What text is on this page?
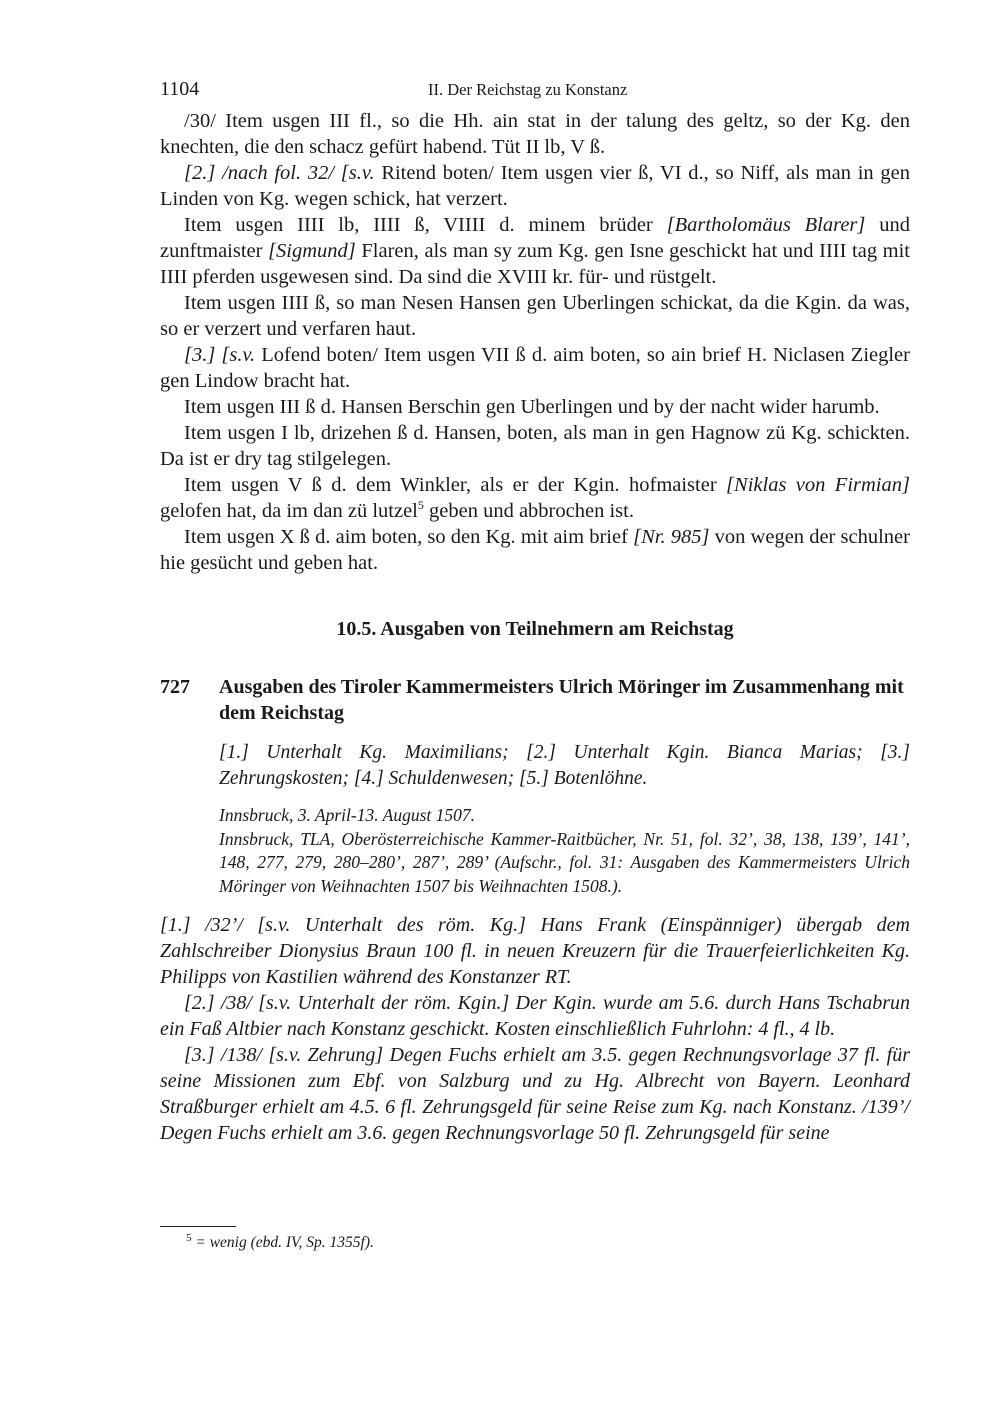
1104	II. Der Reichstag zu Konstanz

/30/ Item usgen III fl., so die Hh. ain stat in der talung des geltz, so der Kg. den knechten, die den schacz gefürt habend. Tüt II lb, V ß.

[2.] /nach fol. 32/ [s.v. Ritend boten/ Item usgen vier ß, VI d., so Niff, als man in gen Linden von Kg. wegen schick, hat verzert.

Item usgen IIII lb, IIII ß, VIIII d. minem brüder [Bartholomäus Blarer] und zunftmaister [Sigmund] Flaren, als man sy zum Kg. gen Isne geschickt hat und IIII tag mit IIII pferden usgewesen sind. Da sind die XVIII kr. für- und rüstgelt.

Item usgen IIII ß, so man Nesen Hansen gen Uberlingen schickat, da die Kgin. da was, so er verzert und verfaren haut.

[3.] [s.v. Lofend boten/ Item usgen VII ß d. aim boten, so ain brief H. Niclasen Ziegler gen Lindow bracht hat.

Item usgen III ß d. Hansen Berschin gen Uberlingen und by der nacht wider harumb.

Item usgen I lb, drizehen ß d. Hansen, boten, als man in gen Hagnow zü Kg. schickten. Da ist er dry tag stilgelegen.

Item usgen V ß d. dem Winkler, als er der Kgin. hofmaister [Niklas von Firmian] gelofen hat, da im dan zü lutzel$^5$ geben und abbrochen ist.

Item usgen X ß d. aim boten, so den Kg. mit aim brief [Nr. 985] von wegen der schulner hie gesücht und geben hat.

10.5. Ausgaben von Teilnehmern am Reichstag
727 Ausgaben des Tiroler Kammermeisters Ulrich Möringer im Zusammenhang mit dem Reichstag
[1.] Unterhalt Kg. Maximilians; [2.] Unterhalt Kgin. Bianca Marias; [3.] Zehrungskosten; [4.] Schuldenwesen; [5.] Botenlöhne.
Innsbruck, 3. April-13. August 1507.
Innsbruck, TLA, Oberösterreichische Kammer-Raitbücher, Nr. 51, fol. 32’, 38, 138, 139’, 141’, 148, 277, 279, 280–280’, 287’, 289’ (Aufschr., fol. 31: Ausgaben des Kammermeisters Ulrich Möringer von Weihnachten 1507 bis Weihnachten 1508.).

[1.] /32’/ [s.v. Unterhalt des röm. Kg.] Hans Frank (Einspänniger) übergab dem Zahlschreiber Dionysius Braun 100 fl. in neuen Kreuzern für die Trauerfeierlichkeiten Kg. Philipps von Kastilien während des Konstanzer RT.

[2.] /38/ [s.v. Unterhalt der röm. Kgin.] Der Kgin. wurde am 5.6. durch Hans Tschabrun ein Faß Altbier nach Konstanz geschickt. Kosten einschließlich Fuhrlohn: 4 fl., 4 lb.

[3.] /138/ [s.v. Zehrung] Degen Fuchs erhielt am 3.5. gegen Rechnungsvorlage 37 fl. für seine Missionen zum Ebf. von Salzburg und zu Hg. Albrecht von Bayern. Leonhard Straßburger erhielt am 4.5. 6 fl. Zehrungsgeld für seine Reise zum Kg. nach Konstanz. /139’/ Degen Fuchs erhielt am 3.6. gegen Rechnungsvorlage 50 fl. Zehrungsgeld für seine

$^5$ = wenig (ebd. IV, Sp. 1355f).
